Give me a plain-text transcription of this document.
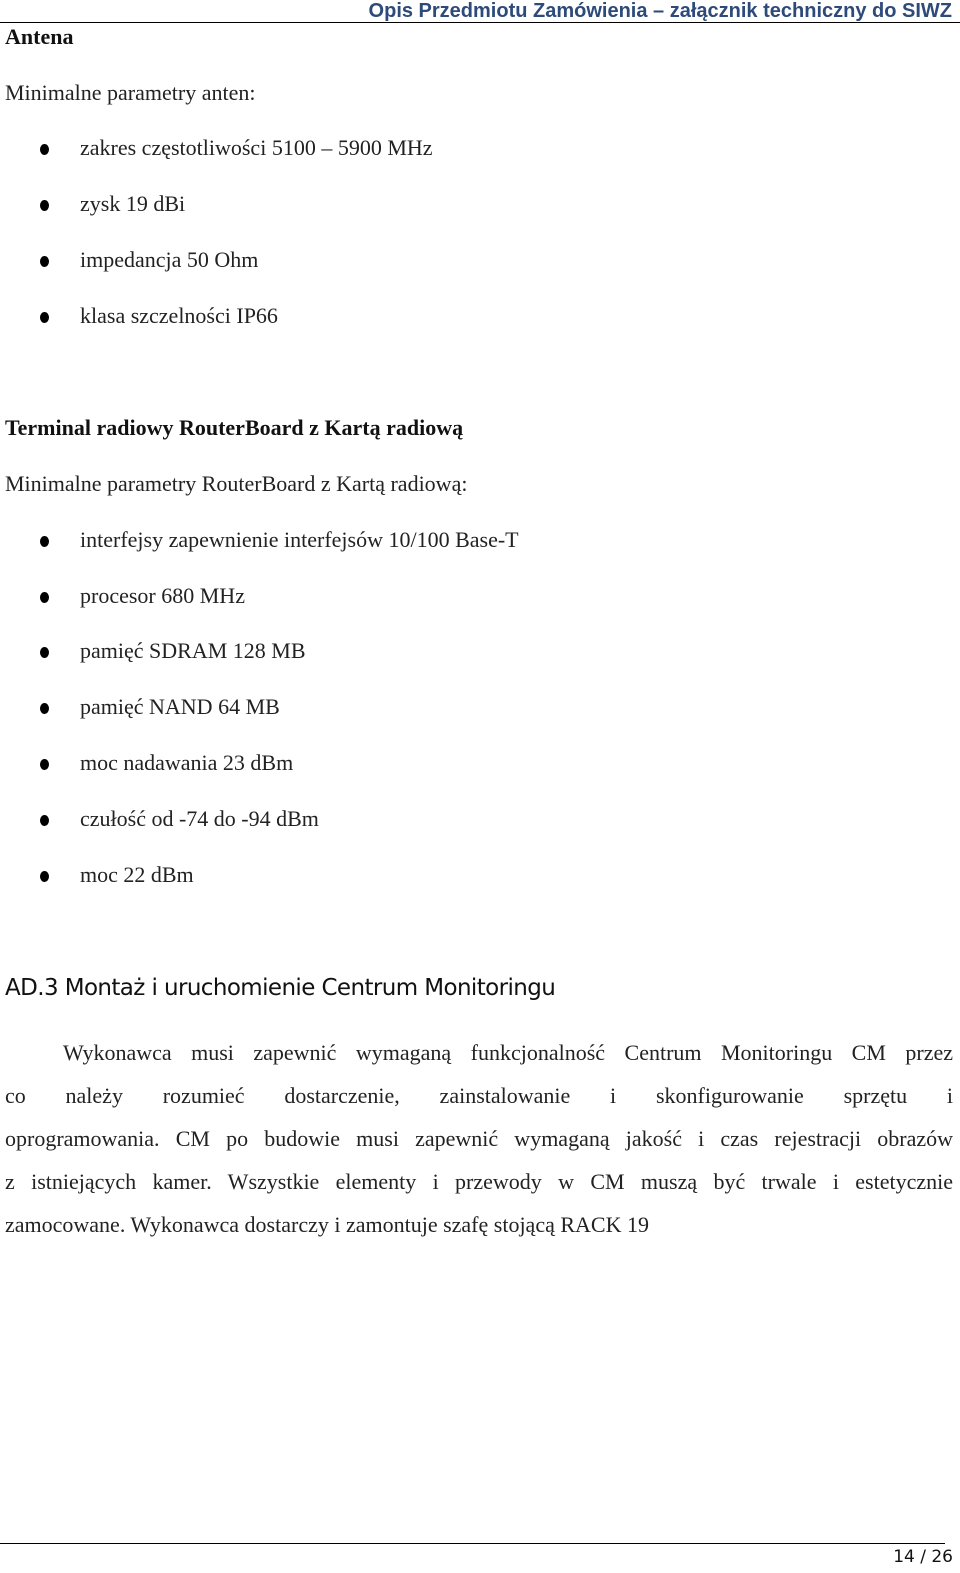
Opis Przedmiotu Zamówienia – załącznik techniczny do SIWZ
Antena
Minimalne parametry anten:
zakres częstotliwości 5100 – 5900 MHz
zysk 19 dBi
impedancja 50 Ohm
klasa szczelności IP66
Terminal radiowy RouterBoard z Kartą radiową
Minimalne parametry RouterBoard z Kartą radiową:
interfejsy zapewnienie interfejsów 10/100 Base-T
procesor 680 MHz
pamięć SDRAM 128 MB
pamięć NAND 64 MB
moc nadawania 23 dBm
czułość od -74 do -94 dBm
moc 22 dBm
AD.3 Montaż i uruchomienie Centrum Monitoringu
Wykonawca musi zapewnić wymaganą funkcjonalność Centrum Monitoringu CM przez
co należy rozumieć dostarczenie, zainstalowanie i skonfigurowanie sprzętu i
oprogramowania. CM po budowie musi zapewnić wymaganą jakość i czas rejestracji obrazów
z istniejących kamer. Wszystkie elementy i przewody w CM muszą być trwale i estetycznie
zamocowane. Wykonawca dostarczy i zamontuje szafę stojącą RACK 19
14 / 26
